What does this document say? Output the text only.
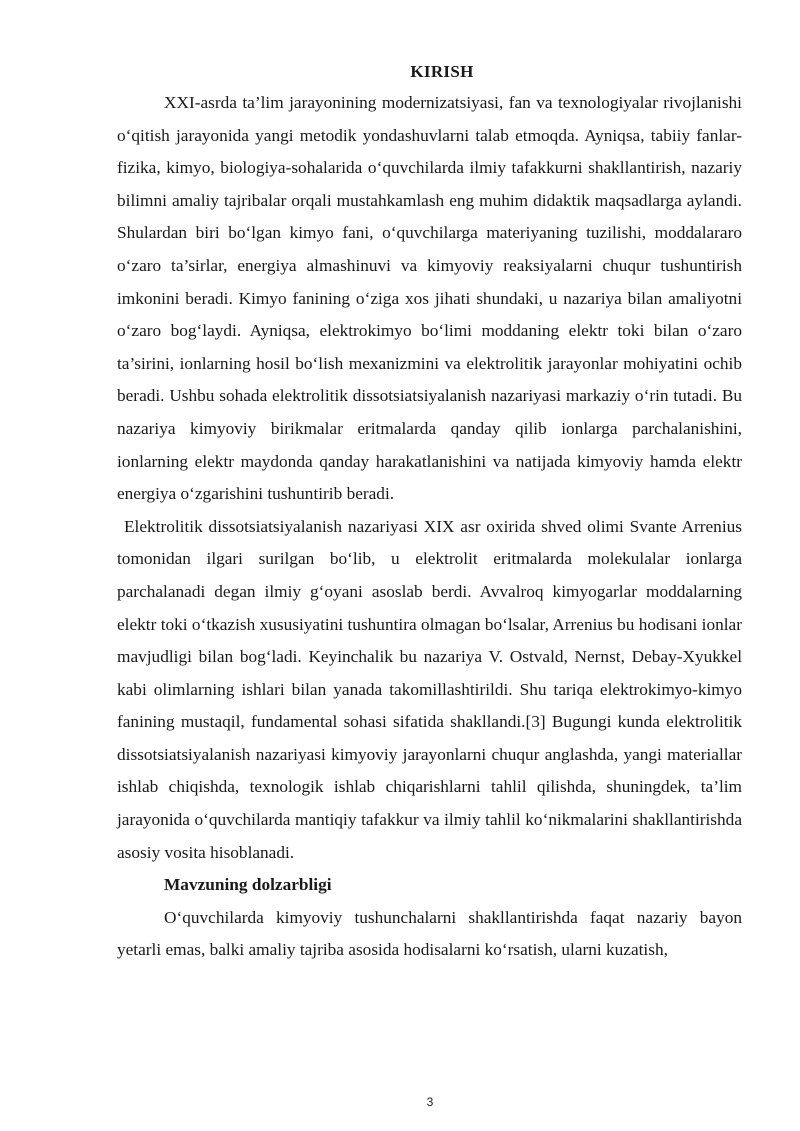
KIRISH

XXI-asrda ta’lim jarayonining modernizatsiyasi, fan va texnologiyalar rivojlanishi o‘qitish jarayonida yangi metodik yondashuvlarni talab etmoqda. Ayniqsa, tabiiy fanlar-fizika, kimyo, biologiya-sohalarida o‘quvchilarda ilmiy tafakkurni shakllantirish, nazariy bilimni amaliy tajribalar orqali mustahkamlash eng muhim didaktik maqsadlarga aylandi. Shulardan biri bo‘lgan kimyo fani, o‘quvchilarga materiyaning tuzilishi, moddalararo o‘zaro ta’sirlar, energiya almashinuvi va kimyoviy reaksiyalarni chuqur tushuntirish imkonini beradi. Kimyo fanining o‘ziga xos jihati shundaki, u nazariya bilan amaliyotni o‘zaro bog‘laydi. Ayniqsa, elektrokimyo bo‘limi moddaning elektr toki bilan o‘zaro ta’sirini, ionlarning hosil bo‘lish mexanizmini va elektrolitik jarayonlar mohiyatini ochib beradi. Ushbu sohada elektrolitik dissotsiatsiyalanish nazariyasi markaziy o‘rin tutadi. Bu nazariya kimyoviy birikmalar eritmalarda qanday qilib ionlarga parchalanishini, ionlarning elektr maydonda qanday harakatlanishini va natijada kimyoviy hamda elektr energiya o‘zgarishini tushuntirib beradi.

Elektrolitik dissotsiatsiyalanish nazariyasi XIX asr oxirida shved olimi Svante Arrenius tomonidan ilgari surilgan bo‘lib, u elektrolit eritmalarda molekulalar ionlarga parchalanadi degan ilmiy g‘oyani asoslab berdi. Avvalroq kimyogarlar moddalarning elektr toki o‘tkazish xususiyatini tushuntira olmagan bo‘lsalar, Arrenius bu hodisani ionlar mavjudligi bilan bog‘ladi. Keyinchalik bu nazariya V. Ostvald, Nernst, Debay-Xyukkel kabi olimlarning ishlari bilan yanada takomillashtirildi. Shu tariqa elektrokimyo-kimyo fanining mustaqil, fundamental sohasi sifatida shakllandi.[3] Bugungi kunda elektrolitik dissotsiatsiyalanish nazariyasi kimyoviy jarayonlarni chuqur anglashda, yangi materiallar ishlab chiqishda, texnologik ishlab chiqarishlarni tahlil qilishda, shuningdek, ta’lim jarayonida o‘quvchilarda mantiqiy tafakkur va ilmiy tahlil ko‘nikmalarini shakllantirishda asosiy vosita hisoblanadi.

Mavzuning dolzarbligi

O‘quvchilarda kimyoviy tushunchalarni shakllantirishda faqat nazariy bayon yetarli emas, balki amaliy tajriba asosida hodisalarni ko‘rsatish, ularni kuzatish,

3
